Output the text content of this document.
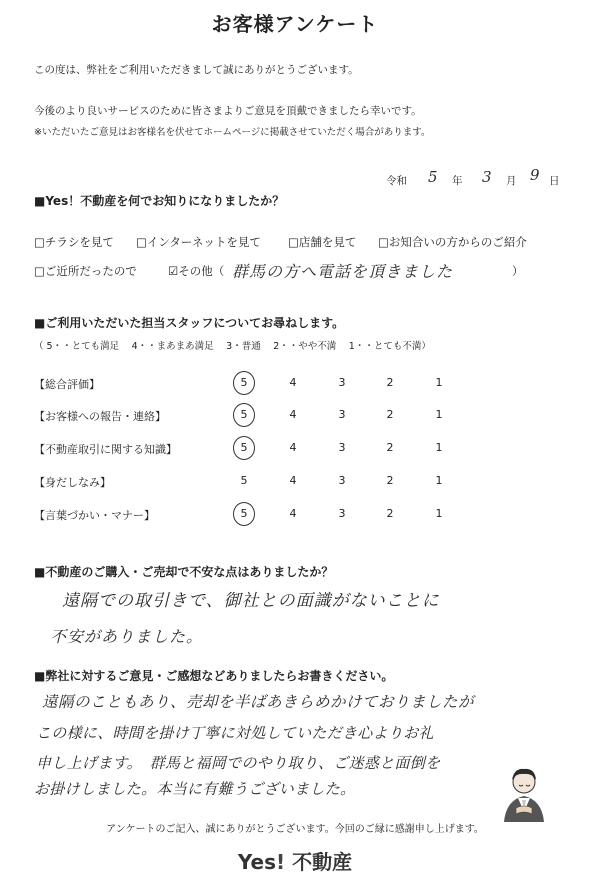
お客様アンケート
この度は、弊社をご利用いただきまして誠にありがとうございます。
今後のより良いサービスのために皆さまよりご意見を頂戴できましたら幸いです。
※いただいたご意見はお客様名を伏せてホームページに掲載させていただく場合があります。
令和 5 年 3 月 9 日
■Yes！不動産を何でお知りになりましたか？
□チラシを見て □インターネットを見て □店舗を見て □お知合いの方からのご紹介
□ご近所だったので	☑その他（ 群馬の方へ電話を頂きました	）
■ご利用いただいた担当スタッフについてお尋ねします。
（ 5・・とても満足　 4・・まあまあ満足　 3・普通　 2・・やや不満　 1・・とても不満）
【総合評価】	5	4	3	2	1
【お客様への報告・連絡】	5	4	3	2	1
【不動産取引に関する知識】	5	4	3	2	1
【身だしなみ】	5	4	3	2	1
【言葉づかい・マナー】	5	4	3	2	1
■不動産のご購入・ご売却で不安な点はありましたか？
遠隔での取引きで、御社との面識がないことに
不安がありました。
■弊社に対するご意見・ご感想などありましたらお書きください。
遠隔のこともあり、売却を半ばあきらめかけておりましたが
この様に、時間を掛け丁寧に対処していただき心よりお礼
申し上げます。　群馬と福岡でのやり取り、ご迷惑と面倒を
お掛けしました。本当に有難うございました。
アンケートのご記入、誠にありがとうございます。今回のご縁に感謝申し上げます。
Yes! 不動産
